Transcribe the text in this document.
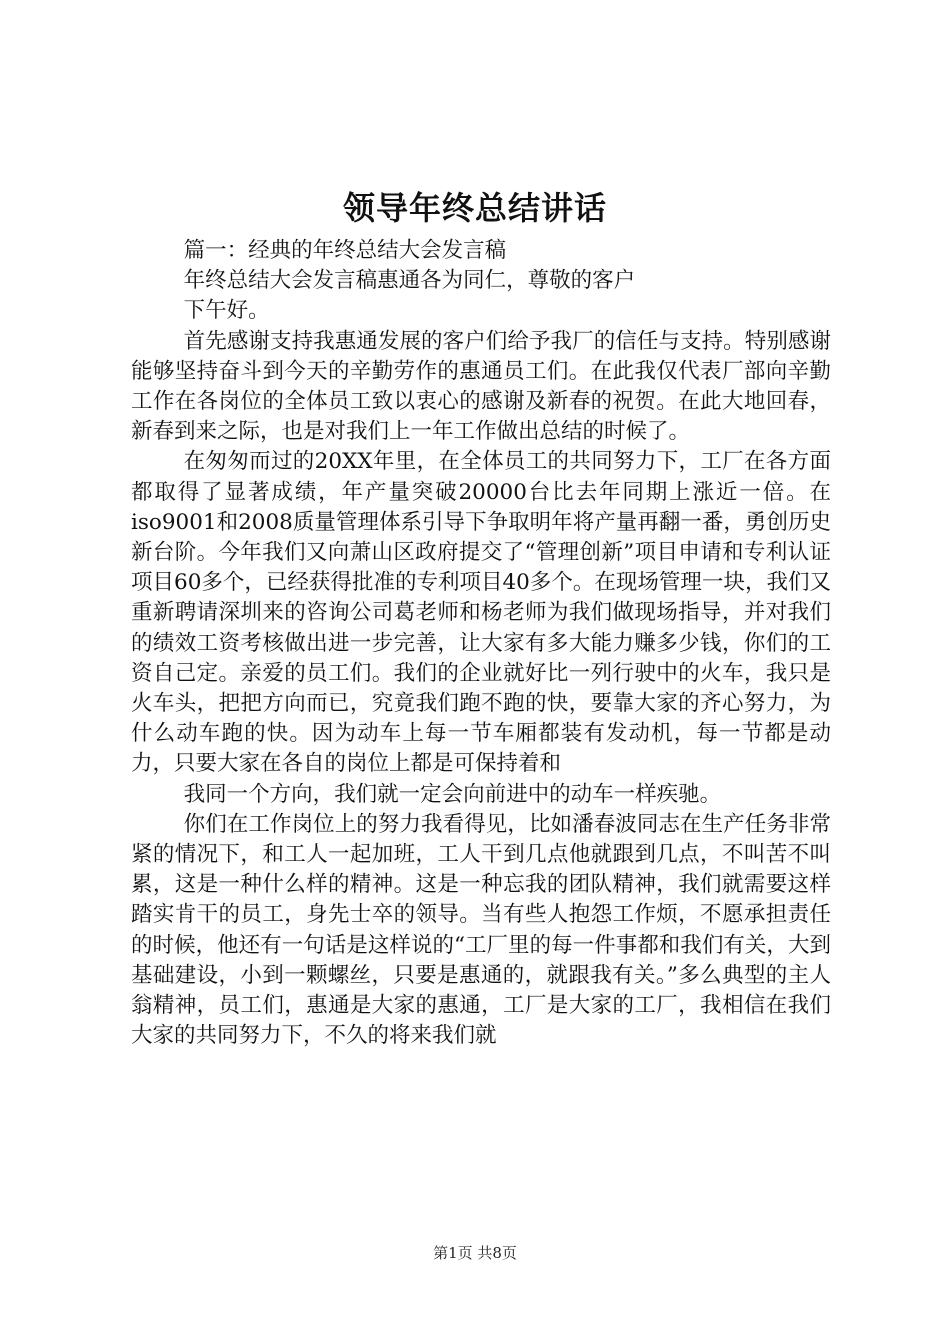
领导年终总结讲话

篇一：经典的年终总结大会发言稿

年终总结大会发言稿惠通各为同仁，尊敬的客户

下午好。

首先感谢支持我惠通发展的客户们给予我厂的信任与支持。特别感谢能够坚持奋斗到今天的辛勤劳作的惠通员工们。在此我仅代表厂部向辛勤工作在各岗位的全体员工致以衷心的感谢及新春的祝贺。在此大地回春，新春到来之际，也是对我们上一年工作做出总结的时候了。

在匆匆而过的20XX年里，在全体员工的共同努力下，工厂在各方面都取得了显著成绩，年产量突破20000台比去年同期上涨近一倍。在iso9001和2008质量管理体系引导下争取明年将产量再翻一番，勇创历史新台阶。今年我们又向萧山区政府提交了“管理创新”项目申请和专利认证项目60多个，已经获得批准的专利项目40多个。在现场管理一块，我们又重新聘请深圳来的咨询公司葛老师和杨老师为我们做现场指导，并对我们的绩效工资考核做出进一步完善，让大家有多大能力赚多少钱，你们的工资自己定。亲爱的员工们。我们的企业就好比一列行驶中的火车，我只是火车头，把把方向而已，究竟我们跑不跑的快，要靠大家的齐心努力，为什么动车跑的快。因为动车上每一节车厢都装有发动机，每一节都是动力，只要大家在各自的岗位上都是可保持着和

我同一个方向，我们就一定会向前进中的动车一样疾驰。

你们在工作岗位上的努力我看得见，比如潘春波同志在生产任务非常紧的情况下，和工人一起加班，工人干到几点他就跟到几点，不叫苦不叫累，这是一种什么样的精神。这是一种忘我的团队精神，我们就需要这样踏实肯干的员工，身先士卒的领导。当有些人抱怨工作烦，不愿承担责任的时候，他还有一句话是这样说的“工厂里的每一件事都和我们有关，大到基础建设，小到一颗螺丝，只要是惠通的，就跟我有关。”多么典型的主人翁精神，员工们，惠通是大家的惠通，工厂是大家的工厂，我相信在我们大家的共同努力下，不久的将来我们就

第1页 共8页
